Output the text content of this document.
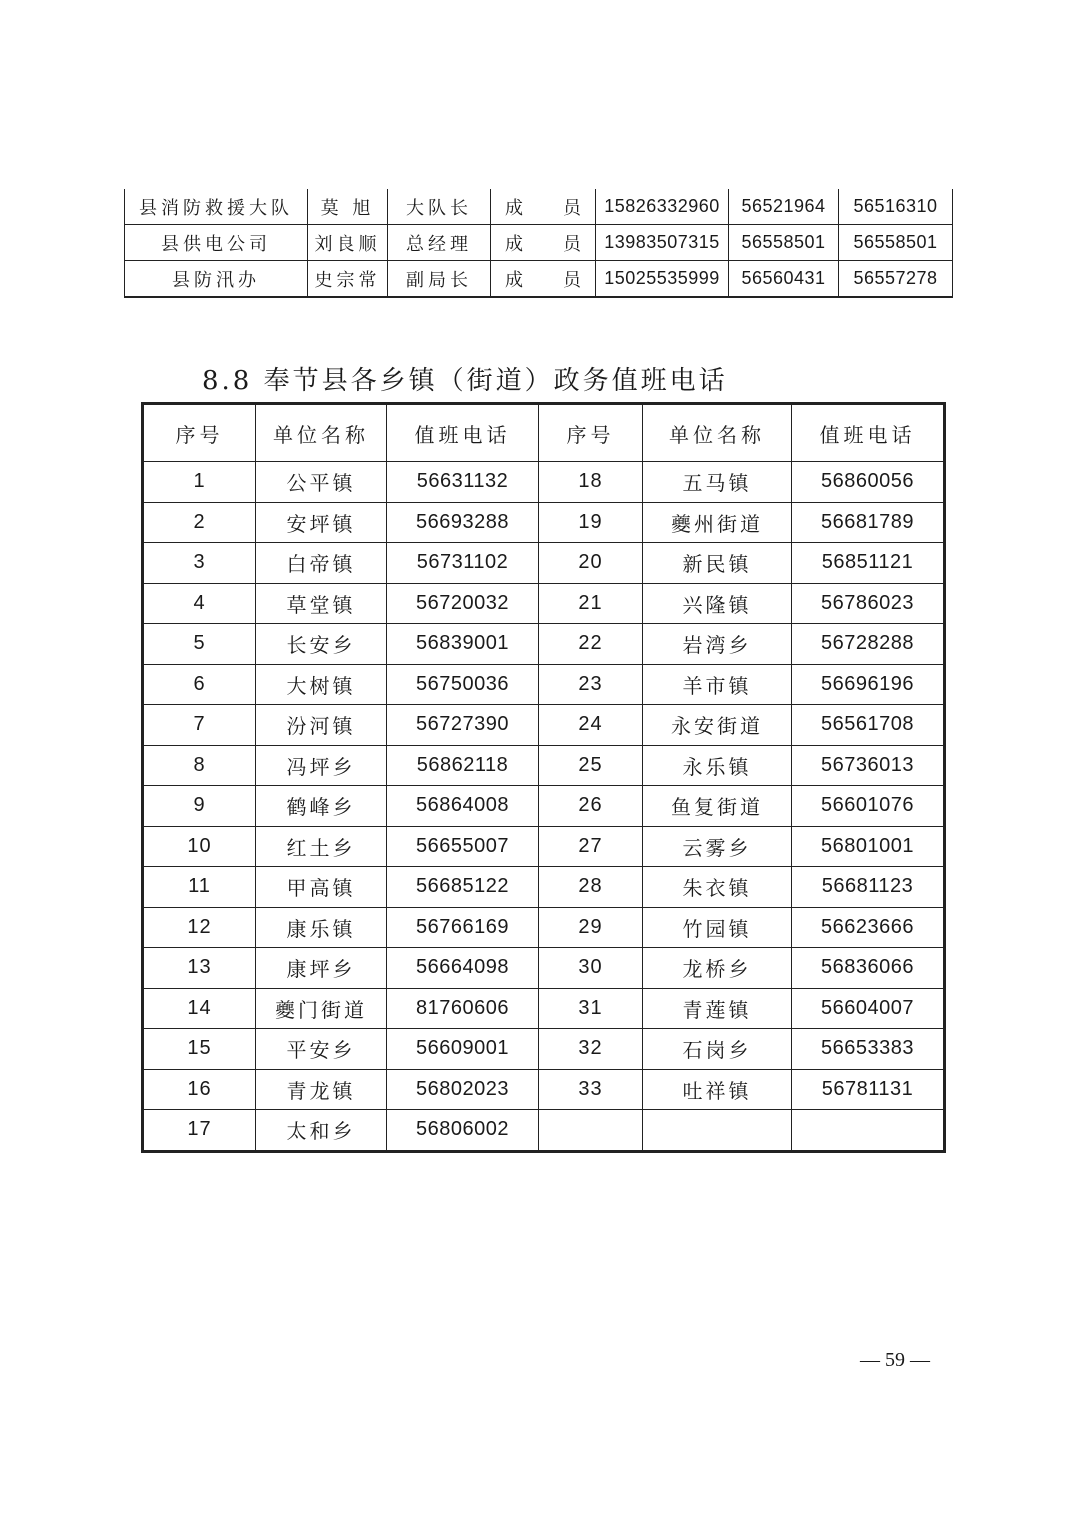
县消防救援大队	莫 旭	大队长	成员	15826332960	56521964	56516310
县供电公司	刘良顺	总经理	成员	13983507315	56558501	56558501
县防汛办	史宗常	副局长	成员	15025535999	56560431	56557278
8.8 奉节县各乡镇（街道）政务值班电话
序号	单位名称	值班电话	序号	单位名称	值班电话
1	公平镇	56631132	18	五马镇	56860056
2	安坪镇	56693288	19	夔州街道	56681789
3	白帝镇	56731102	20	新民镇	56851121
4	草堂镇	56720032	21	兴隆镇	56786023
5	长安乡	56839001	22	岩湾乡	56728288
6	大树镇	56750036	23	羊市镇	56696196
7	汾河镇	56727390	24	永安街道	56561708
8	冯坪乡	56862118	25	永乐镇	56736013
9	鹤峰乡	56864008	26	鱼复街道	56601076
10	红土乡	56655007	27	云雾乡	56801001
11	甲高镇	56685122	28	朱衣镇	56681123
12	康乐镇	56766169	29	竹园镇	56623666
13	康坪乡	56664098	30	龙桥乡	56836066
14	夔门街道	81760606	31	青莲镇	56604007
15	平安乡	56609001	32	石岗乡	56653383
16	青龙镇	56802023	33	吐祥镇	56781131
17	太和乡	56806002			
— 59 —
